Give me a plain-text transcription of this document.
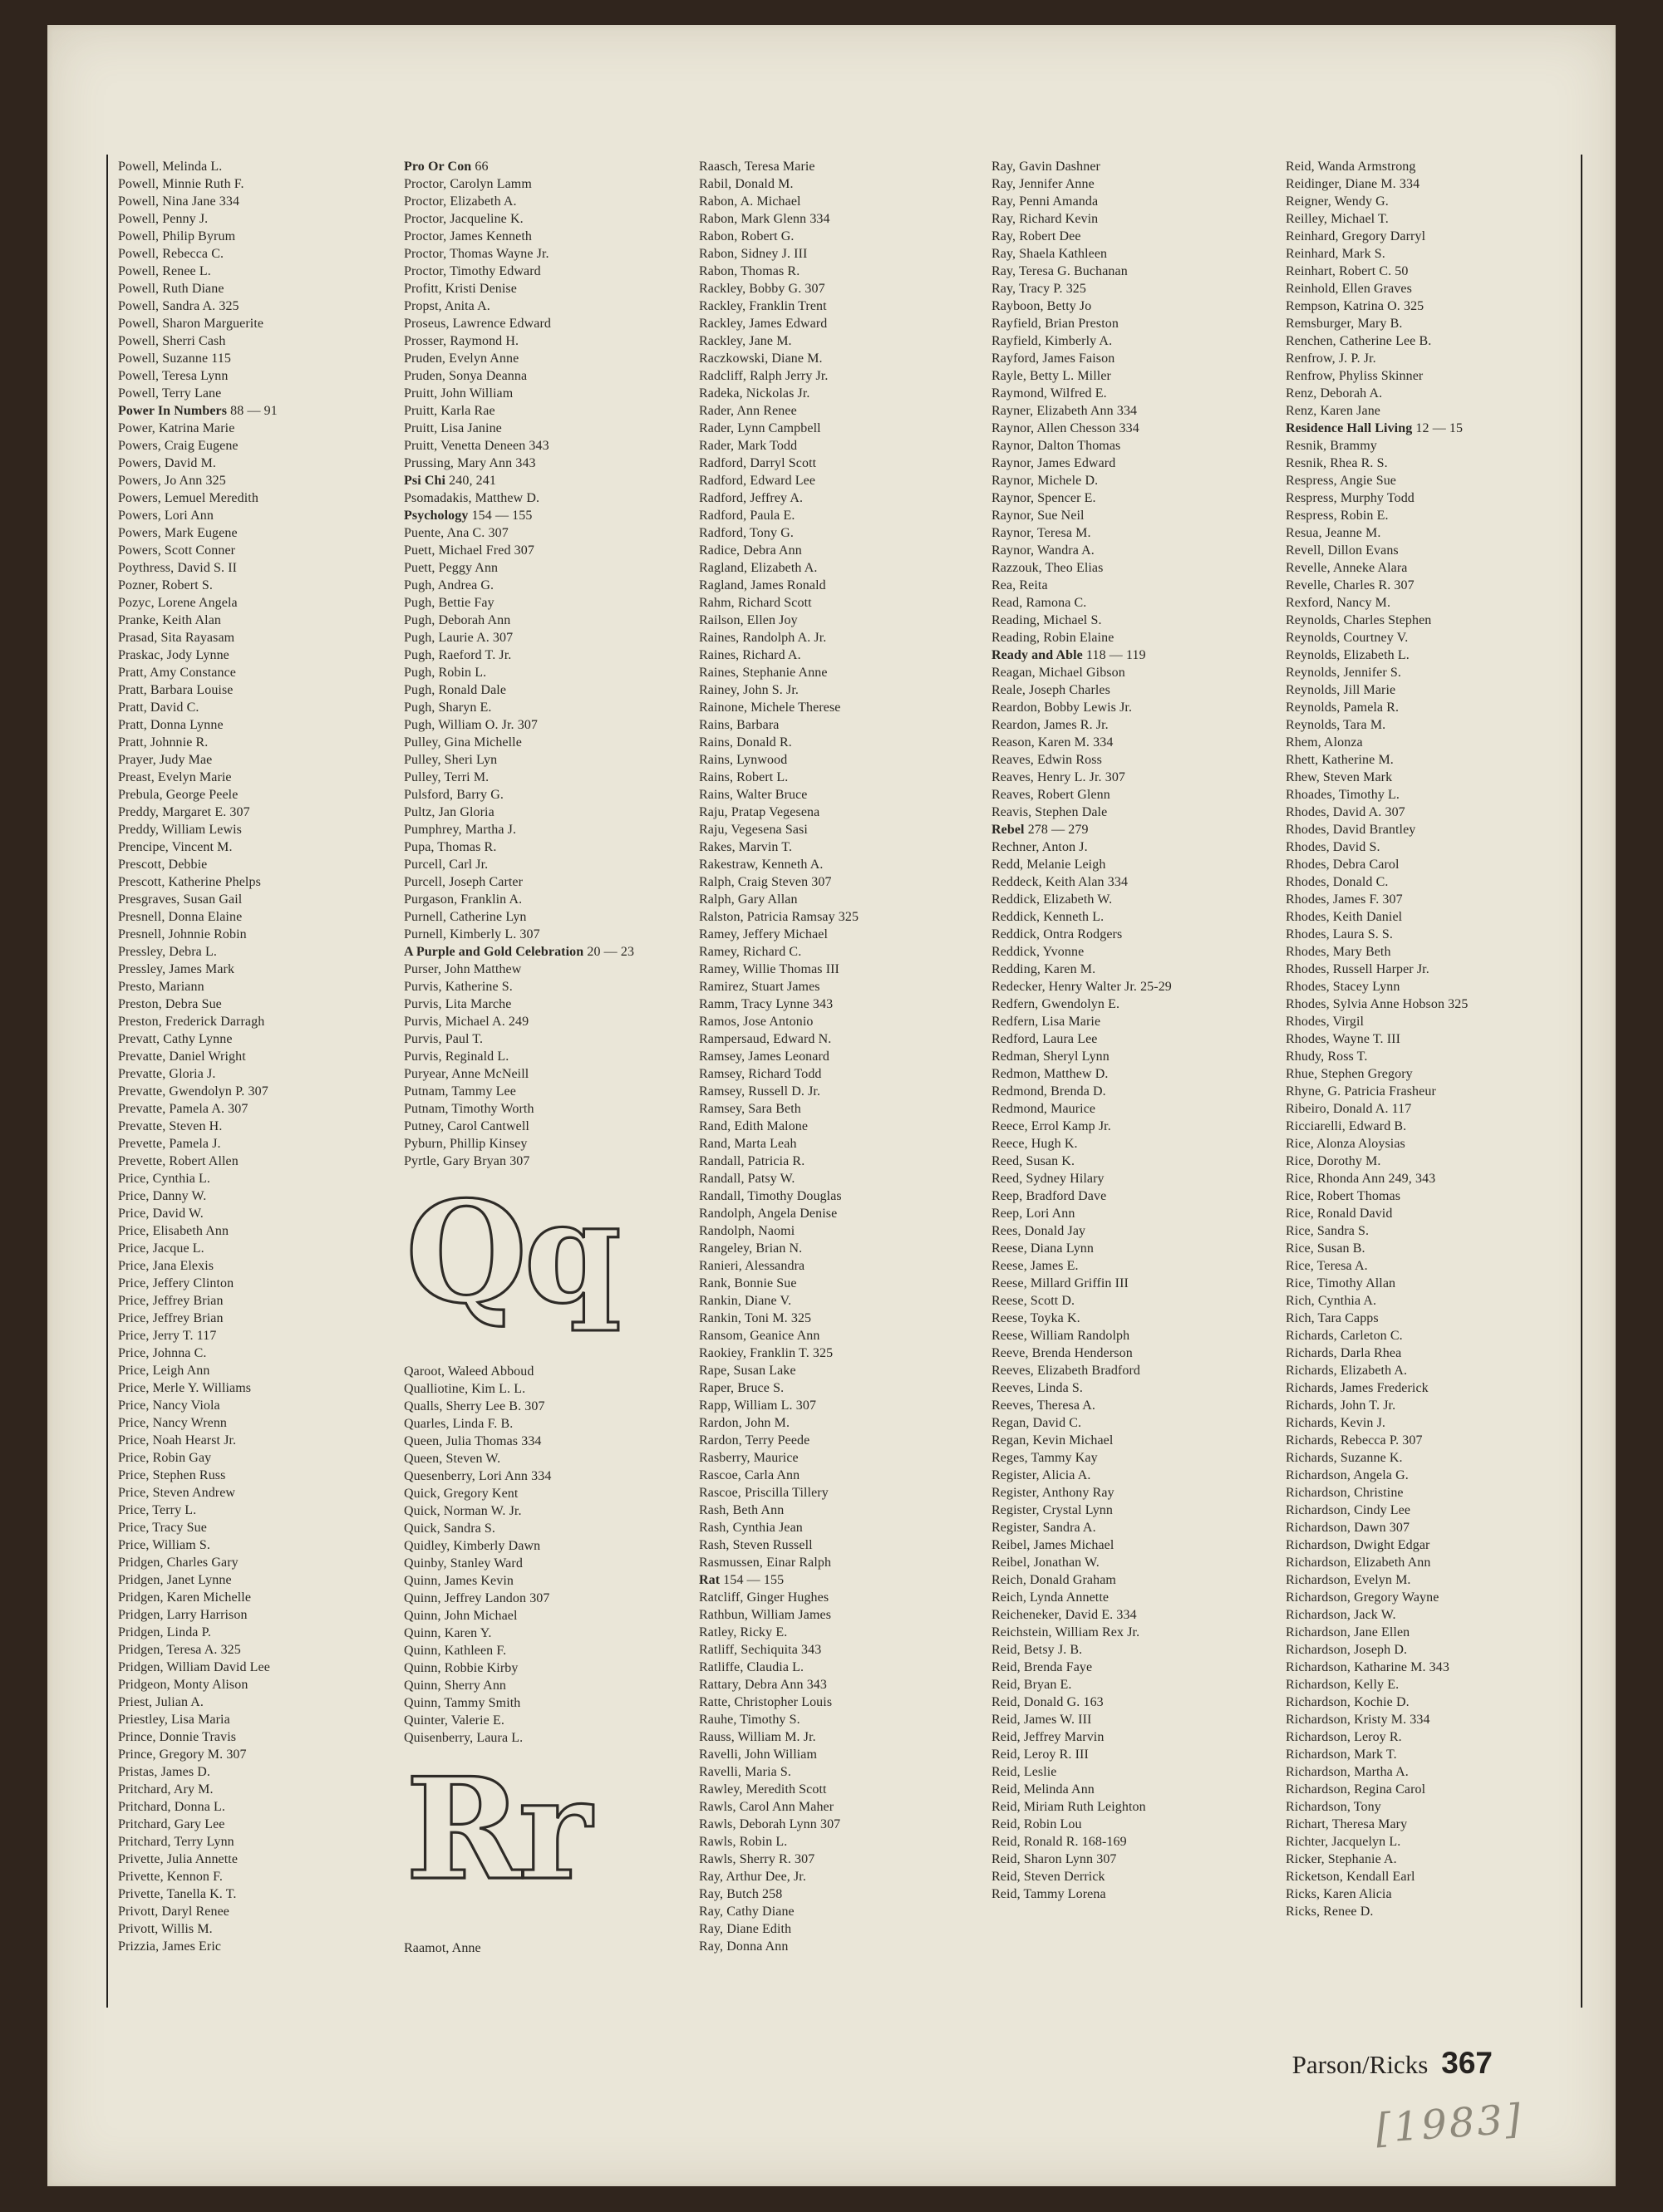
Powell, Melinda L.
Powell, Minnie Ruth F.
Powell, Nina Jane 334
Powell, Penny J.
Powell, Philip Byrum
Powell, Rebecca C.
Powell, Renee L.
Powell, Ruth Diane
Powell, Sandra A. 325
Powell, Sharon Marguerite
Powell, Sherri Cash
Powell, Suzanne 115
Powell, Teresa Lynn
Powell, Terry Lane
Power In Numbers 88 — 91
Power, Katrina Marie
Powers, Craig Eugene
Powers, David M.
Powers, Jo Ann 325
Powers, Lemuel Meredith
Powers, Lori Ann
Powers, Mark Eugene
Powers, Scott Conner
Poythress, David S. II
Pozner, Robert S.
Pozyc, Lorene Angela
Pranke, Keith Alan
Prasad, Sita Rayasam
Praskac, Jody Lynne
Pratt, Amy Constance
Pratt, Barbara Louise
Pratt, David C.
Pratt, Donna Lynne
Pratt, Johnnie R.
Prayer, Judy Mae
Preast, Evelyn Marie
Prebula, George Peele
Preddy, Margaret E. 307
Preddy, William Lewis
Prencipe, Vincent M.
Prescott, Debbie
Prescott, Katherine Phelps
Presgraves, Susan Gail
Presnell, Donna Elaine
Presnell, Johnnie Robin
Pressley, Debra L.
Pressley, James Mark
Presto, Mariann
Preston, Debra Sue
Preston, Frederick Darragh
Prevatt, Cathy Lynne
Prevatte, Daniel Wright
Prevatte, Gloria J.
Prevatte, Gwendolyn P. 307
Prevatte, Pamela A. 307
Prevatte, Steven H.
Prevette, Pamela J.
Prevette, Robert Allen
Price, Cynthia L.
Price, Danny W.
Price, David W.
Price, Elisabeth Ann
Price, Jacque L.
Price, Jana Elexis
Price, Jeffery Clinton
Price, Jeffrey Brian
Price, Jeffrey Brian
Price, Jerry T. 117
Price, Johnna C.
Price, Leigh Ann
Price, Merle Y. Williams
Price, Nancy Viola
Price, Nancy Wrenn
Price, Noah Hearst Jr.
Price, Robin Gay
Price, Stephen Russ
Price, Steven Andrew
Price, Terry L.
Price, Tracy Sue
Price, William S.
Pridgen, Charles Gary
Pridgen, Janet Lynne
Pridgen, Karen Michelle
Pridgen, Larry Harrison
Pridgen, Linda P.
Pridgen, Teresa A. 325
Pridgen, William David Lee
Pridgeon, Monty Alison
Priest, Julian A.
Priestley, Lisa Maria
Prince, Donnie Travis
Prince, Gregory M. 307
Pristas, James D.
Pritchard, Ary M.
Pritchard, Donna L.
Pritchard, Gary Lee
Pritchard, Terry Lynn
Privette, Julia Annette
Privette, Kennon F.
Privette, Tanella K. T.
Privott, Daryl Renee
Privott, Willis M.
Prizzia, James Eric
Pro Or Con 66
Proctor, Carolyn Lamm
Proctor, Elizabeth A.
Proctor, Jacqueline K.
Proctor, James Kenneth
Proctor, Thomas Wayne Jr.
Proctor, Timothy Edward
Profitt, Kristi Denise
Propst, Anita A.
Proseus, Lawrence Edward
Prosser, Raymond H.
Pruden, Evelyn Anne
Pruden, Sonya Deanna
Pruitt, John William
Pruitt, Karla Rae
Pruitt, Lisa Janine
Pruitt, Venetta Deneen 343
Prussing, Mary Ann 343
Psi Chi 240, 241
Psomadakis, Matthew D.
Psychology 154 — 155
Puente, Ana C. 307
Puett, Michael Fred 307
Puett, Peggy Ann
Pugh, Andrea G.
Pugh, Bettie Fay
Pugh, Deborah Ann
Pugh, Laurie A. 307
Pugh, Raeford T. Jr.
Pugh, Robin L.
Pugh, Ronald Dale
Pugh, Sharyn E.
Pugh, William O. Jr. 307
Pulley, Gina Michelle
Pulley, Sheri Lyn
Pulley, Terri M.
Pulsford, Barry G.
Pultz, Jan Gloria
Pumphrey, Martha J.
Pupa, Thomas R.
Purcell, Carl Jr.
Purcell, Joseph Carter
Purgason, Franklin A.
Purnell, Catherine Lyn
Purnell, Kimberly L. 307
A Purple and Gold Celebration 20 — 23
Purser, John Matthew
Purvis, Katherine S.
Purvis, Lita Marche
Purvis, Michael A. 249
Purvis, Paul T.
Purvis, Reginald L.
Puryear, Anne McNeill
Putnam, Tammy Lee
Putnam, Timothy Worth
Putney, Carol Cantwell
Pyburn, Phillip Kinsey
Pyrtle, Gary Bryan 307
Qq
Qaroot, Waleed Abboud
Qualliotine, Kim L. L.
Qualls, Sherry Lee B. 307
Quarles, Linda F. B.
Queen, Julia Thomas 334
Queen, Steven W.
Quesenberry, Lori Ann 334
Quick, Gregory Kent
Quick, Norman W. Jr.
Quick, Sandra S.
Quidley, Kimberly Dawn
Quinby, Stanley Ward
Quinn, James Kevin
Quinn, Jeffrey Landon 307
Quinn, John Michael
Quinn, Karen Y.
Quinn, Kathleen F.
Quinn, Robbie Kirby
Quinn, Sherry Ann
Quinn, Tammy Smith
Quinter, Valerie E.
Quisenberry, Laura L.
Rr
Raamot, Anne
Raasch, Teresa Marie
Rabil, Donald M.
Rabon, A. Michael
Rabon, Mark Glenn 334
Rabon, Robert G.
Rabon, Sidney J. III
Rabon, Thomas R.
Rackley, Bobby G. 307
Rackley, Franklin Trent
Rackley, James Edward
Rackley, Jane M.
Raczkowski, Diane M.
Radcliff, Ralph Jerry Jr.
Radeka, Nickolas Jr.
Rader, Ann Renee
Rader, Lynn Campbell
Rader, Mark Todd
Radford, Darryl Scott
Radford, Edward Lee
Radford, Jeffrey A.
Radford, Paula E.
Radford, Tony G.
Radice, Debra Ann
Ragland, Elizabeth A.
Ragland, James Ronald
Rahm, Richard Scott
Railson, Ellen Joy
Raines, Randolph A. Jr.
Raines, Richard A.
Raines, Stephanie Anne
Rainey, John S. Jr.
Rainone, Michele Therese
Rains, Barbara
Rains, Donald R.
Rains, Lynwood
Rains, Robert L.
Rains, Walter Bruce
Raju, Pratap Vegesena
Raju, Vegesena Sasi
Rakes, Marvin T.
Rakestraw, Kenneth A.
Ralph, Craig Steven 307
Ralph, Gary Allan
Ralston, Patricia Ramsay 325
Ramey, Jeffery Michael
Ramey, Richard C.
Ramey, Willie Thomas III
Ramirez, Stuart James
Ramm, Tracy Lynne 343
Ramos, Jose Antonio
Rampersaud, Edward N.
Ramsey, James Leonard
Ramsey, Richard Todd
Ramsey, Russell D. Jr.
Ramsey, Sara Beth
Rand, Edith Malone
Rand, Marta Leah
Randall, Patricia R.
Randall, Patsy W.
Randall, Timothy Douglas
Randolph, Angela Denise
Randolph, Naomi
Rangeley, Brian N.
Ranieri, Alessandra
Rank, Bonnie Sue
Rankin, Diane V.
Rankin, Toni M. 325
Ransom, Geanice Ann
Raokiey, Franklin T. 325
Rape, Susan Lake
Raper, Bruce S.
Rapp, William L. 307
Rardon, John M.
Rardon, Terry Peede
Rasberry, Maurice
Rascoe, Carla Ann
Rascoe, Priscilla Tillery
Rash, Beth Ann
Rash, Cynthia Jean
Rash, Steven Russell
Rasmussen, Einar Ralph
Rat 154 — 155
Ratcliff, Ginger Hughes
Rathbun, William James
Ratley, Ricky E.
Ratliff, Sechiquita 343
Ratliffe, Claudia L.
Rattary, Debra Ann 343
Ratte, Christopher Louis
Rauhe, Timothy S.
Rauss, William M. Jr.
Ravelli, John William
Ravelli, Maria S.
Rawley, Meredith Scott
Rawls, Carol Ann Maher
Rawls, Deborah Lynn 307
Rawls, Robin L.
Rawls, Sherry R. 307
Ray, Arthur Dee, Jr.
Ray, Butch 258
Ray, Cathy Diane
Ray, Diane Edith
Ray, Donna Ann
Ray, Gavin Dashner
Ray, Jennifer Anne
Ray, Penni Amanda
Ray, Richard Kevin
Ray, Robert Dee
Ray, Shaela Kathleen
Ray, Teresa G. Buchanan
Ray, Tracy P. 325
Rayboon, Betty Jo
Rayfield, Brian Preston
Rayfield, Kimberly A.
Rayford, James Faison
Rayle, Betty L. Miller
Raymond, Wilfred E.
Rayner, Elizabeth Ann 334
Raynor, Allen Chesson 334
Raynor, Dalton Thomas
Raynor, James Edward
Raynor, Michele D.
Raynor, Spencer E.
Raynor, Sue Neil
Raynor, Teresa M.
Raynor, Wandra A.
Razzouk, Theo Elias
Rea, Reita
Read, Ramona C.
Reading, Michael S.
Reading, Robin Elaine
Ready and Able 118 — 119
Reagan, Michael Gibson
Reale, Joseph Charles
Reardon, Bobby Lewis Jr.
Reardon, James R. Jr.
Reason, Karen M. 334
Reaves, Edwin Ross
Reaves, Henry L. Jr. 307
Reaves, Robert Glenn
Reavis, Stephen Dale
Rebel 278 — 279
Rechner, Anton J.
Redd, Melanie Leigh
Reddeck, Keith Alan 334
Reddick, Elizabeth W.
Reddick, Kenneth L.
Reddick, Ontra Rodgers
Reddick, Yvonne
Redding, Karen M.
Redecker, Henry Walter Jr. 25-29
Redfern, Gwendolyn E.
Redfern, Lisa Marie
Redford, Laura Lee
Redman, Sheryl Lynn
Redmon, Matthew D.
Redmond, Brenda D.
Redmond, Maurice
Reece, Errol Kamp Jr.
Reece, Hugh K.
Reed, Susan K.
Reed, Sydney Hilary
Reep, Bradford Dave
Reep, Lori Ann
Rees, Donald Jay
Reese, Diana Lynn
Reese, James E.
Reese, Millard Griffin III
Reese, Scott D.
Reese, Toyka K.
Reese, William Randolph
Reeve, Brenda Henderson
Reeves, Elizabeth Bradford
Reeves, Linda S.
Reeves, Theresa A.
Regan, David C.
Regan, Kevin Michael
Reges, Tammy Kay
Register, Alicia A.
Register, Anthony Ray
Register, Crystal Lynn
Register, Sandra A.
Reibel, James Michael
Reibel, Jonathan W.
Reich, Donald Graham
Reich, Lynda Annette
Reicheneker, David E. 334
Reichstein, William Rex Jr.
Reid, Betsy J. B.
Reid, Brenda Faye
Reid, Bryan E.
Reid, Donald G. 163
Reid, James W. III
Reid, Jeffrey Marvin
Reid, Leroy R. III
Reid, Leslie
Reid, Melinda Ann
Reid, Miriam Ruth Leighton
Reid, Robin Lou
Reid, Ronald R. 168-169
Reid, Sharon Lynn 307
Reid, Steven Derrick
Reid, Tammy Lorena
Reid, Wanda Armstrong
Reidinger, Diane M. 334
Reigner, Wendy G.
Reilley, Michael T.
Reinhard, Gregory Darryl
Reinhard, Mark S.
Reinhart, Robert C. 50
Reinhold, Ellen Graves
Rempson, Katrina O. 325
Remsburger, Mary B.
Renchen, Catherine Lee B.
Renfrow, J. P. Jr.
Renfrow, Phyliss Skinner
Renz, Deborah A.
Renz, Karen Jane
Residence Hall Living 12 — 15
Resnik, Brammy
Resnik, Rhea R. S.
Respress, Angie Sue
Respress, Murphy Todd
Respress, Robin E.
Resua, Jeanne M.
Revell, Dillon Evans
Revelle, Anneke Alara
Revelle, Charles R. 307
Rexford, Nancy M.
Reynolds, Charles Stephen
Reynolds, Courtney V.
Reynolds, Elizabeth L.
Reynolds, Jennifer S.
Reynolds, Jill Marie
Reynolds, Pamela R.
Reynolds, Tara M.
Rhem, Alonza
Rhett, Katherine M.
Rhew, Steven Mark
Rhoades, Timothy L.
Rhodes, David A. 307
Rhodes, David Brantley
Rhodes, David S.
Rhodes, Debra Carol
Rhodes, Donald C.
Rhodes, James F. 307
Rhodes, Keith Daniel
Rhodes, Laura S. S.
Rhodes, Mary Beth
Rhodes, Russell Harper Jr.
Rhodes, Stacey Lynn
Rhodes, Sylvia Anne Hobson 325
Rhodes, Virgil
Rhodes, Wayne T. III
Rhudy, Ross T.
Rhue, Stephen Gregory
Rhyne, G. Patricia Frasheur
Ribeiro, Donald A. 117
Ricciarelli, Edward B.
Rice, Alonza Aloysias
Rice, Dorothy M.
Rice, Rhonda Ann 249, 343
Rice, Robert Thomas
Rice, Ronald David
Rice, Sandra S.
Rice, Susan B.
Rice, Teresa A.
Rice, Timothy Allan
Rich, Cynthia A.
Rich, Tara Capps
Richards, Carleton C.
Richards, Darla Rhea
Richards, Elizabeth A.
Richards, James Frederick
Richards, John T. Jr.
Richards, Kevin J.
Richards, Rebecca P. 307
Richards, Suzanne K.
Richardson, Angela G.
Richardson, Christine
Richardson, Cindy Lee
Richardson, Dawn 307
Richardson, Dwight Edgar
Richardson, Elizabeth Ann
Richardson, Evelyn M.
Richardson, Gregory Wayne
Richardson, Jack W.
Richardson, Jane Ellen
Richardson, Joseph D.
Richardson, Katharine M. 343
Richardson, Kelly E.
Richardson, Kochie D.
Richardson, Kristy M. 334
Richardson, Leroy R.
Richardson, Mark T.
Richardson, Martha A.
Richardson, Regina Carol
Richardson, Tony
Richart, Theresa Mary
Richter, Jacquelyn L.
Ricker, Stephanie A.
Ricketson, Kendall Earl
Ricks, Karen Alicia
Ricks, Renee D.
Parson/Ricks 367
[1983]
